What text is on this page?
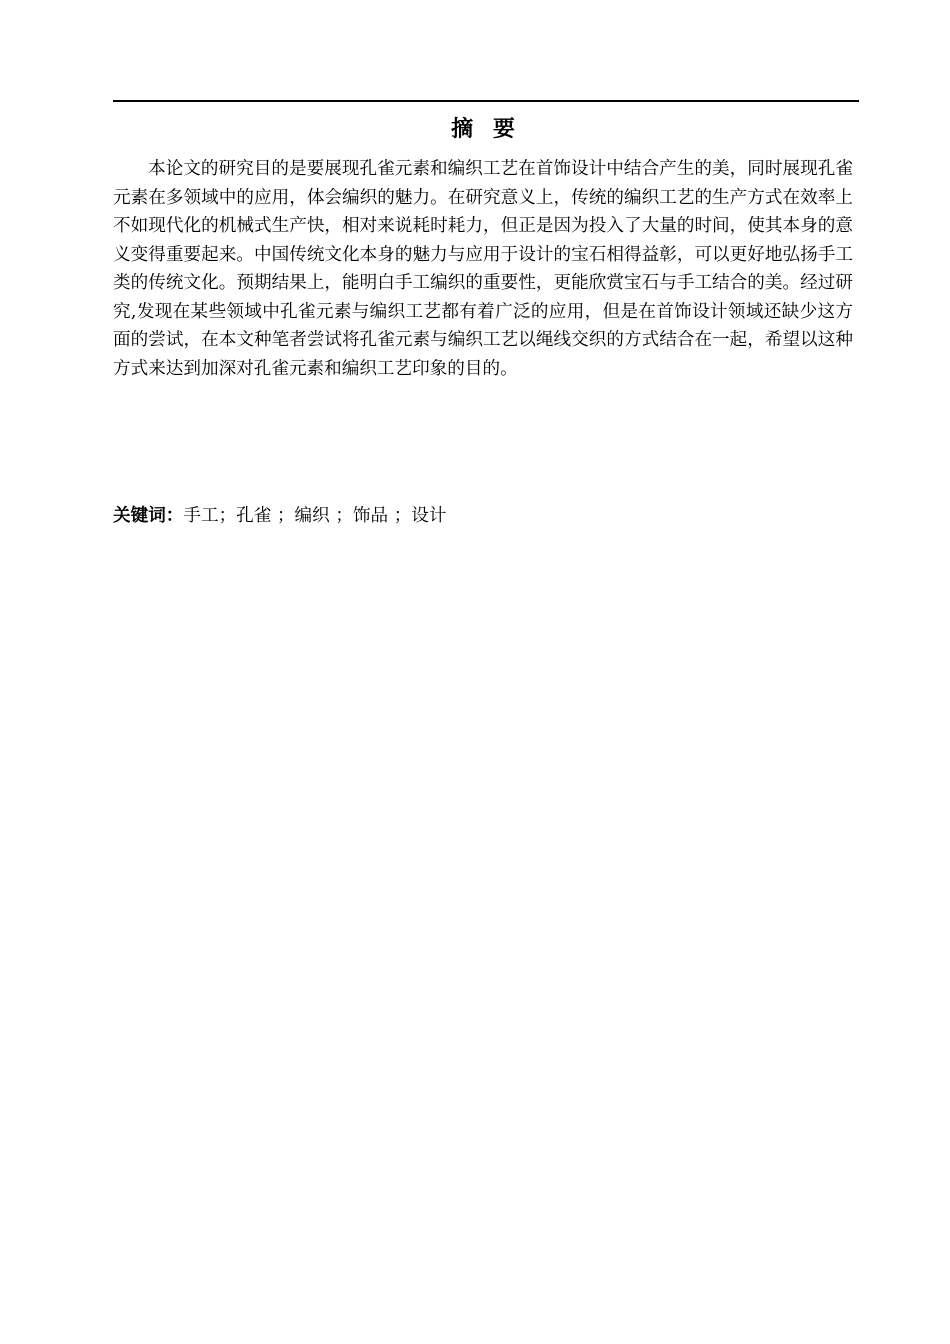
摘 要

本论文的研究目的是要展现孔雀元素和编织工艺在首饰设计中结合产生的美，同时展现孔雀元素在多领域中的应用，体会编织的魅力。在研究意义上，传统的编织工艺的生产方式在效率上不如现代化的机械式生产快，相对来说耗时耗力，但正是因为投入了大量的时间，使其本身的意义变得重要起来。中国传统文化本身的魅力与应用于设计的宝石相得益彰，可以更好地弘扬手工类的传统文化。预期结果上，能明白手工编织的重要性，更能欣赏宝石与手工结合的美。经过研究,发现在某些领域中孔雀元素与编织工艺都有着广泛的应用，但是在首饰设计领域还缺少这方面的尝试，在本文种笔者尝试将孔雀元素与编织工艺以绳线交织的方式结合在一起，希望以这种方式来达到加深对孔雀元素和编织工艺印象的目的。

关键词：手工；孔雀 ；编织 ；饰品 ；设计
